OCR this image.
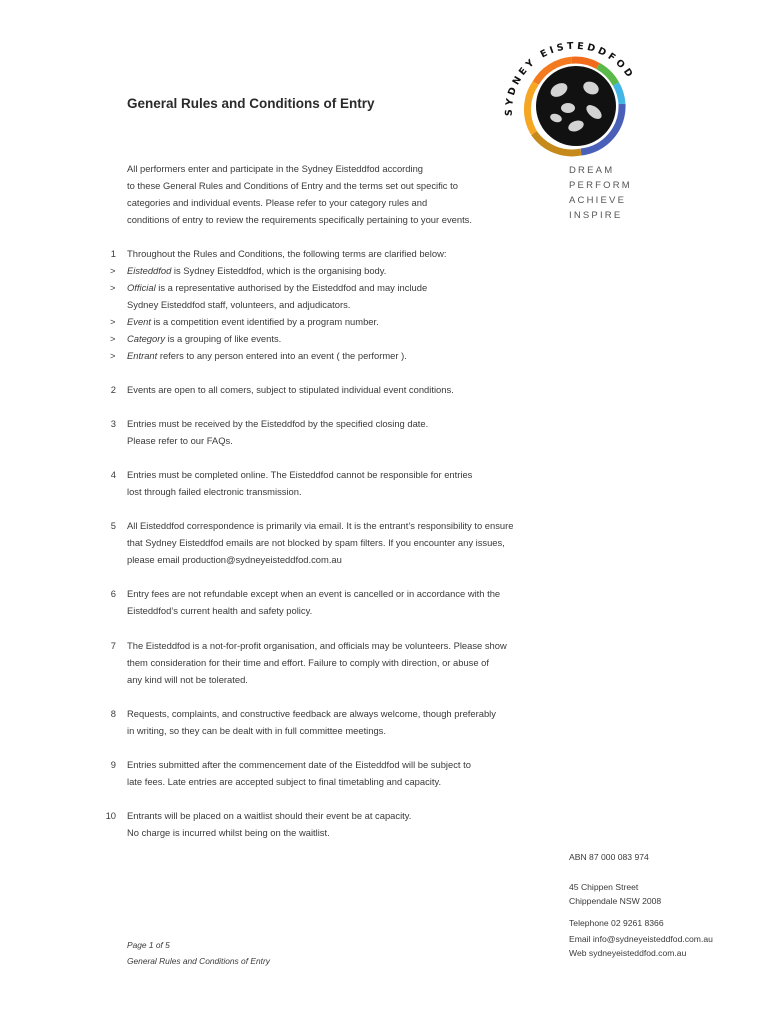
General Rules and Conditions of Entry
SYDNEY EISTEDDFOD
DREAM
PERFORM
ACHIEVE
INSPIRE
All performers enter and participate in the Sydney Eisteddfod according
to these General Rules and Conditions of Entry and the terms set out specific to
categories and individual events. Please refer to your category rules and
conditions of entry to review the requirements specifically pertaining to your events.
1 Throughout the Rules and Conditions, the following terms are clarified below:
> Eisteddfod is Sydney Eisteddfod, which is the organising body.
> Official is a representative authorised by the Eisteddfod and may include
Sydney Eisteddfod staff, volunteers, and adjudicators.
> Event is a competition event identified by a program number.
> Category is a grouping of like events.
> Entrant refers to any person entered into an event ( the performer ).
2 Events are open to all comers, subject to stipulated individual event conditions.
3 Entries must be received by the Eisteddfod by the specified closing date.
Please refer to our FAQs.
4 Entries must be completed online. The Eisteddfod cannot be responsible for entries
lost through failed electronic transmission.
5 All Eisteddfod correspondence is primarily via email. It is the entrant’s responsibility to ensure
that Sydney Eisteddfod emails are not blocked by spam filters. If you encounter any issues,
please email production@sydneyeisteddfod.com.au
6 Entry fees are not refundable except when an event is cancelled or in accordance with the
Eisteddfod’s current health and safety policy.
7 The Eisteddfod is a not-for-profit organisation, and officials may be volunteers. Please show
them consideration for their time and effort. Failure to comply with direction, or abuse of
any kind will not be tolerated.
8 Requests, complaints, and constructive feedback are always welcome, though preferably
in writing, so they can be dealt with in full committee meetings.
9 Entries submitted after the commencement date of the Eisteddfod will be subject to
late fees. Late entries are accepted subject to final timetabling and capacity.
10 Entrants will be placed on a waitlist should their event be at capacity.
No charge is incurred whilst being on the waitlist.
ABN 87 000 083 974
45 Chippen Street
Chippendale NSW 2008
Telephone 02 9261 8366
Email info@sydneyeisteddfod.com.au
Web sydneyeisteddfod.com.au
Page 1 of 5
General Rules and Conditions of Entry
